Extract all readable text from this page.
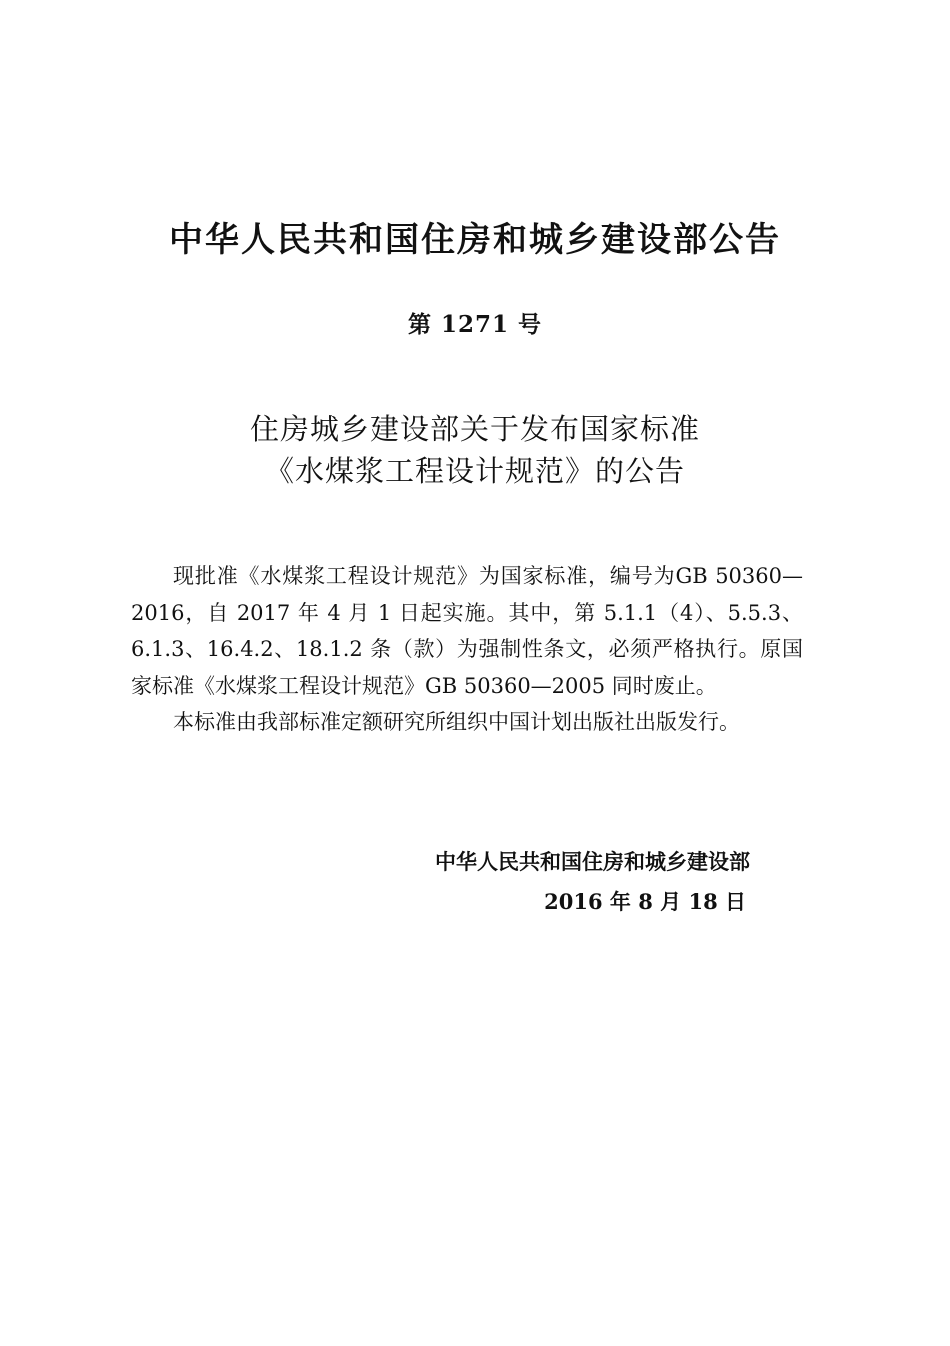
中华人民共和国住房和城乡建设部公告
第 1271 号
住房城乡建设部关于发布国家标准
《水煤浆工程设计规范》的公告

现批准《水煤浆工程设计规范》为国家标准，编号为GB 50360—2016，自 2017 年 4 月 1 日起实施。其中，第 5.1.1（4）、5.5.3、6.1.3、16.4.2、18.1.2 条（款）为强制性条文，必须严格执行。原国家标准《水煤浆工程设计规范》GB 50360—2005 同时废止。

本标准由我部标准定额研究所组织中国计划出版社出版发行。

中华人民共和国住房和城乡建设部
2016 年 8 月 18 日
